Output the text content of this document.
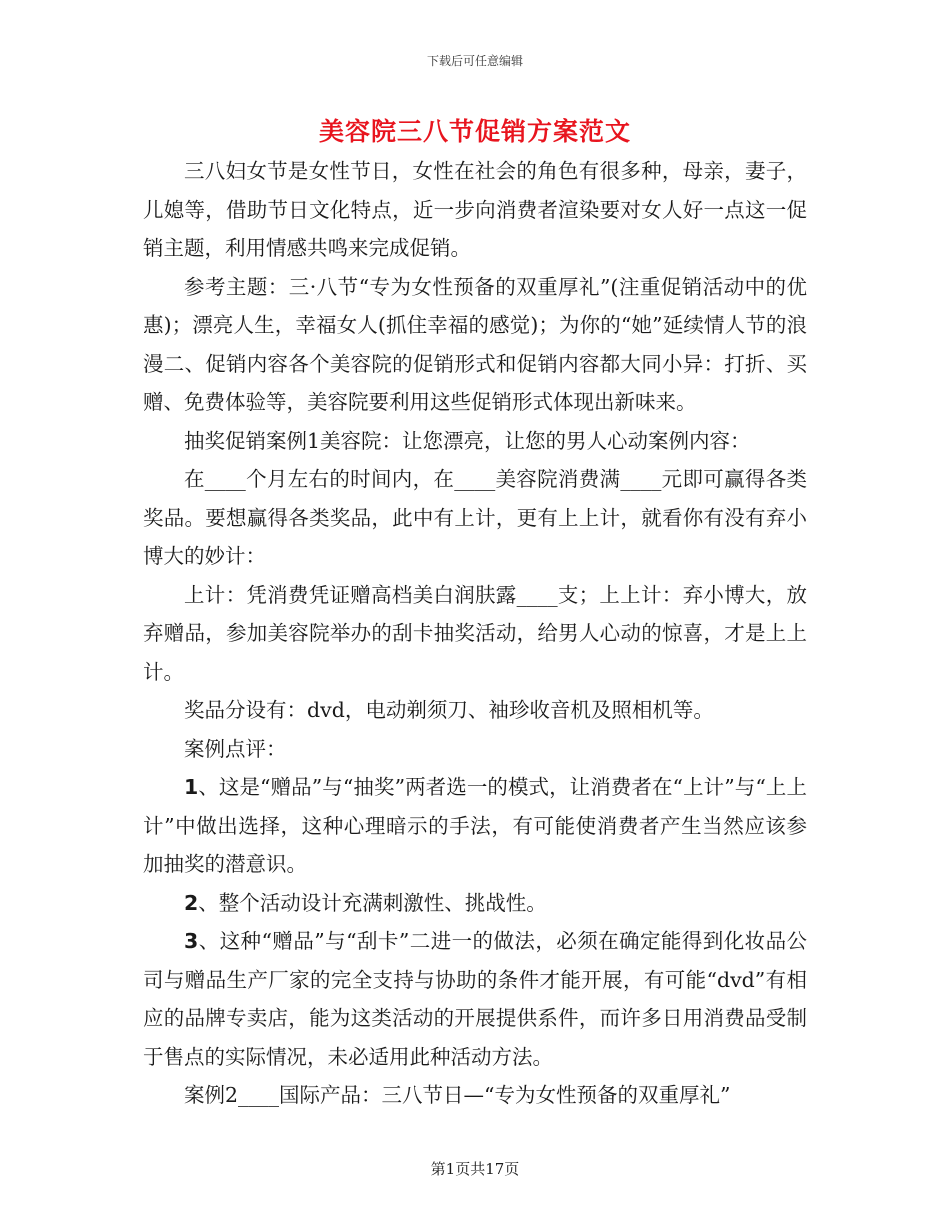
下载后可任意编辑
美容院三八节促销方案范文

三八妇女节是女性节日，女性在社会的角色有很多种，母亲，妻子，儿媳等，借助节日文化特点，近一步向消费者渲染要对女人好一点这一促销主题，利用情感共鸣来完成促销。

参考主题：三·八节“专为女性预备的双重厚礼”(注重促销活动中的优惠)；漂亮人生，幸福女人(抓住幸福的感觉)；为你的“她”延续情人节的浪漫二、促销内容各个美容院的促销形式和促销内容都大同小异：打折、买赠、免费体验等，美容院要利用这些促销形式体现出新味来。

抽奖促销案例1美容院：让您漂亮，让您的男人心动案例内容：

在____个月左右的时间内，在____美容院消费满____元即可赢得各类奖品。要想赢得各类奖品，此中有上计，更有上上计，就看你有没有弃小博大的妙计：

上计：凭消费凭证赠高档美白润肤露____支；上上计：弃小博大，放弃赠品，参加美容院举办的刮卡抽奖活动，给男人心动的惊喜，才是上上计。

奖品分设有：dvd，电动剃须刀、袖珍收音机及照相机等。

案例点评：

1、这是“赠品”与“抽奖”两者选一的模式，让消费者在“上计”与“上上计”中做出选择，这种心理暗示的手法，有可能使消费者产生当然应该参加抽奖的潜意识。

2、整个活动设计充满刺激性、挑战性。

3、这种“赠品”与“刮卡”二进一的做法，必须在确定能得到化妆品公司与赠品生产厂家的完全支持与协助的条件才能开展，有可能“dvd”有相应的品牌专卖店，能为这类活动的开展提供系件，而许多日用消费品受制于售点的实际情况，未必适用此种活动方法。

案例2____国际产品：三八节日—“专为女性预备的双重厚礼”

第1页共17页
